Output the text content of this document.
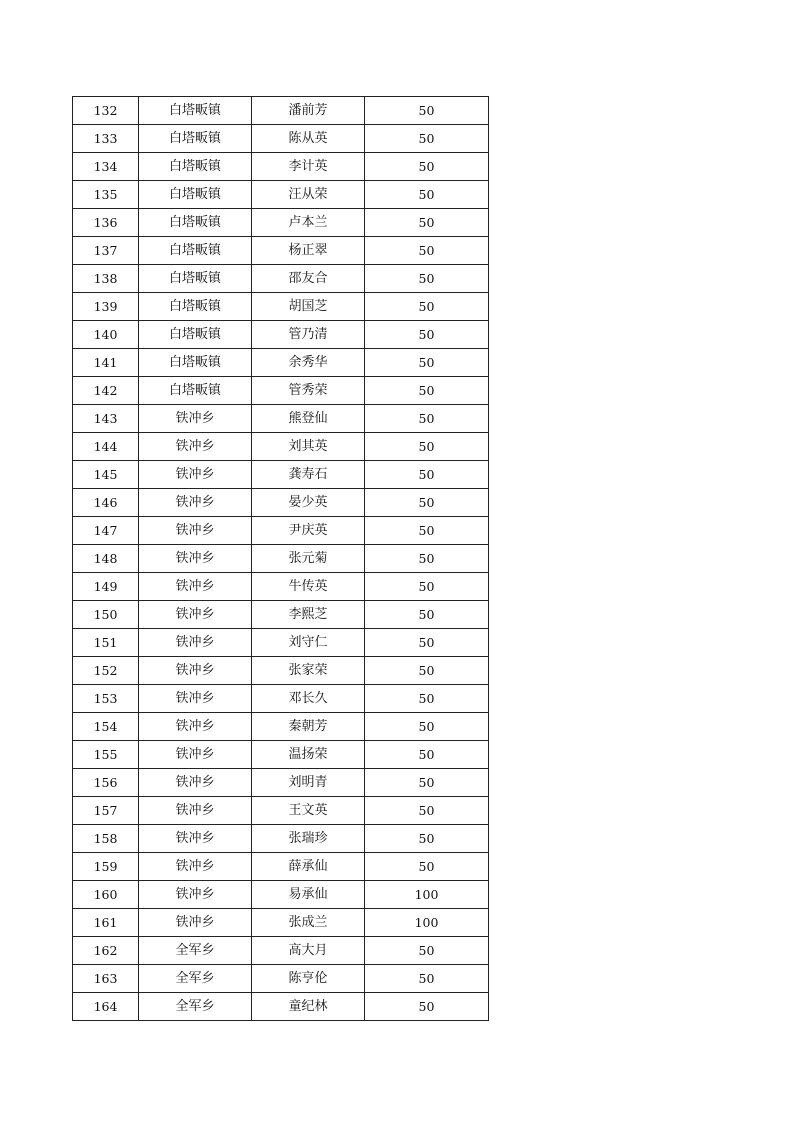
132	白塔畈镇	潘前芳	50
133	白塔畈镇	陈从英	50
134	白塔畈镇	李计英	50
135	白塔畈镇	汪从荣	50
136	白塔畈镇	卢本兰	50
137	白塔畈镇	杨正翠	50
138	白塔畈镇	邵友合	50
139	白塔畈镇	胡国芝	50
140	白塔畈镇	管乃清	50
141	白塔畈镇	余秀华	50
142	白塔畈镇	管秀荣	50
143	铁冲乡	熊登仙	50
144	铁冲乡	刘其英	50
145	铁冲乡	龚寿石	50
146	铁冲乡	晏少英	50
147	铁冲乡	尹庆英	50
148	铁冲乡	张元菊	50
149	铁冲乡	牛传英	50
150	铁冲乡	李熙芝	50
151	铁冲乡	刘守仁	50
152	铁冲乡	张家荣	50
153	铁冲乡	邓长久	50
154	铁冲乡	秦朝芳	50
155	铁冲乡	温扬荣	50
156	铁冲乡	刘明青	50
157	铁冲乡	王文英	50
158	铁冲乡	张瑞珍	50
159	铁冲乡	薛承仙	50
160	铁冲乡	易承仙	100
161	铁冲乡	张成兰	100
162	全军乡	高大月	50
163	全军乡	陈亨伦	50
164	全军乡	童纪林	50
